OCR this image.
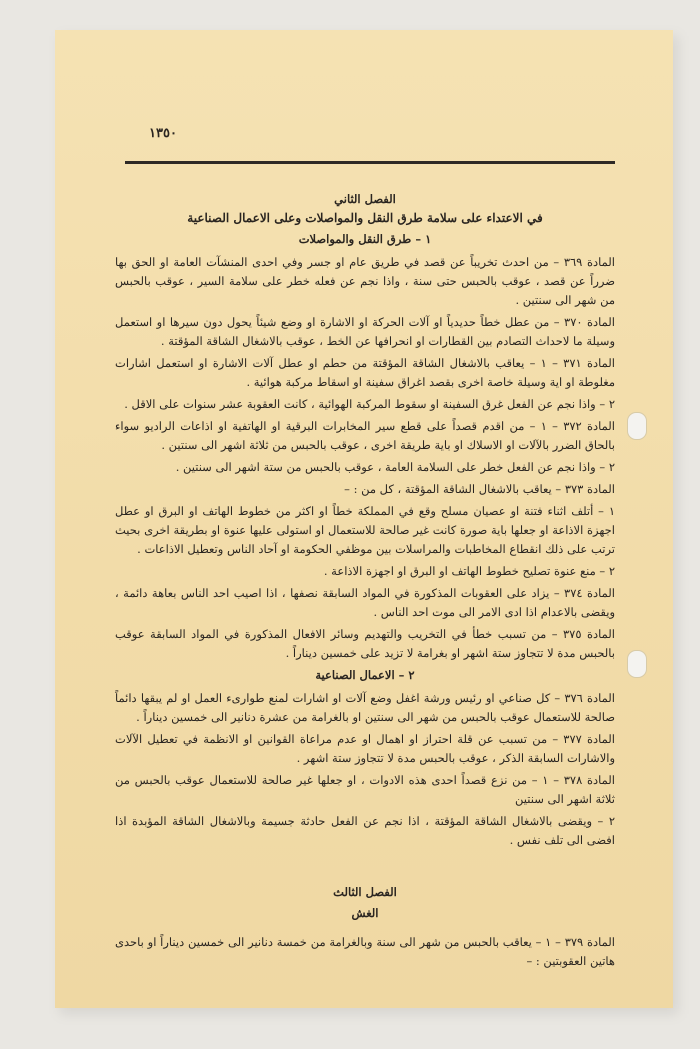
١٣٥٠
الفصل الثاني
في الاعتداء على سلامة طرق النقل والمواصلات وعلى الاعمال الصناعية
١ – طرق النقل والمواصلات

المادة ٣٦٩ – من احدث تخريباً عن قصد في طريق عام او جسر وفي احدى المنشآت العامة او الحق بها ضرراً عن قصد ، عوقب بالحبس حتى سنة ، واذا نجم عن فعله خطر على سلامة السير ، عوقب بالحبس من شهر الى سنتين .

المادة ٣٧٠ – من عطل خطاً حديدياً او آلات الحركة او الاشارة او وضع شيئاً يحول دون سيرها او استعمل وسيلة ما لاحداث التصادم بين القطارات او انحرافها عن الخط ، عوقب بالاشغال الشاقة المؤقتة .

المادة ٣٧١ – ١ – يعاقب بالاشغال الشاقة المؤقتة من حطم او عطل آلات الاشارة او استعمل اشارات مغلوطة او اية وسيلة خاصة اخرى بقصد اغراق سفينة او اسقاط مركبة هوائية .

٢ – واذا نجم عن الفعل غرق السفينة او سقوط المركبة الهوائية ، كانت العقوبة عشر سنوات على الاقل .

المادة ٣٧٢ – ١ – من اقدم قصداً على قطع سير المخابرات البرقية او الهاتفية او اذاعات الراديو سواء بالحاق الضرر بالآلات او الاسلاك او باية طريقة اخرى ، عوقب بالحبس من ثلاثة اشهر الى سنتين .

٢ – واذا نجم عن الفعل خطر على السلامة العامة ، عوقب بالحبس من ستة اشهر الى سنتين .

المادة ٣٧٣ – يعاقب بالاشغال الشاقة المؤقتة ، كل من : –

١ – أتلف اثناء فتنة او عصيان مسلح وقع في المملكة خطاً او اكثر من خطوط الهاتف او البرق او عطل اجهزة الاذاعة او جعلها باية صورة كانت غير صالحة للاستعمال او استولى عليها عنوة او بطريقة اخرى بحيث ترتب على ذلك انقطاع المخاطبات والمراسلات بين موظفي الحكومة او آحاد الناس وتعطيل الاذاعات .

٢ – منع عنوة تصليح خطوط الهاتف او البرق او اجهزة الاذاعة .

المادة ٣٧٤ – يزاد على العقوبات المذكورة في المواد السابقة نصفها ، اذا اصيب احد الناس بعاهة دائمة ، ويقضى بالاعدام اذا ادى الامر الى موت احد الناس .

المادة ٣٧٥ – من تسبب خطأ في التخريب والتهديم وسائر الافعال المذكورة في المواد السابقة عوقب بالحبس مدة لا تتجاوز ستة اشهر او بغرامة لا تزيد على خمسين ديناراً .

٢ – الاعمال الصناعية

المادة ٣٧٦ – كل صناعي او رئيس ورشة اغفل وضع آلات او اشارات لمنع طوارىء العمل او لم يبقها دائماً صالحة للاستعمال عوقب بالحبس من شهر الى سنتين او بالغرامة من عشرة دنانير الى خمسين ديناراً .

المادة ٣٧٧ – من تسبب عن قلة احتراز او اهمال او عدم مراعاة القوانين او الانظمة في تعطيل الآلات والاشارات السابقة الذكر ، عوقب بالحبس مدة لا تتجاوز ستة اشهر .

المادة ٣٧٨ – ١ – من نزع قصداً احدى هذه الادوات ، او جعلها غير صالحة للاستعمال عوقب بالحبس من ثلاثة اشهر الى سنتين

٢ – ويقضى بالاشغال الشاقة المؤقتة ، اذا نجم عن الفعل حادثة جسيمة وبالاشغال الشاقة المؤبدة اذا افضى الى تلف نفس .

الفصل الثالث
الغش

المادة ٣٧٩ – ١ – يعاقب بالحبس من شهر الى سنة وبالغرامة من خمسة دنانير الى خمسين ديناراً او باحدى هاتين العقوبتين : –
